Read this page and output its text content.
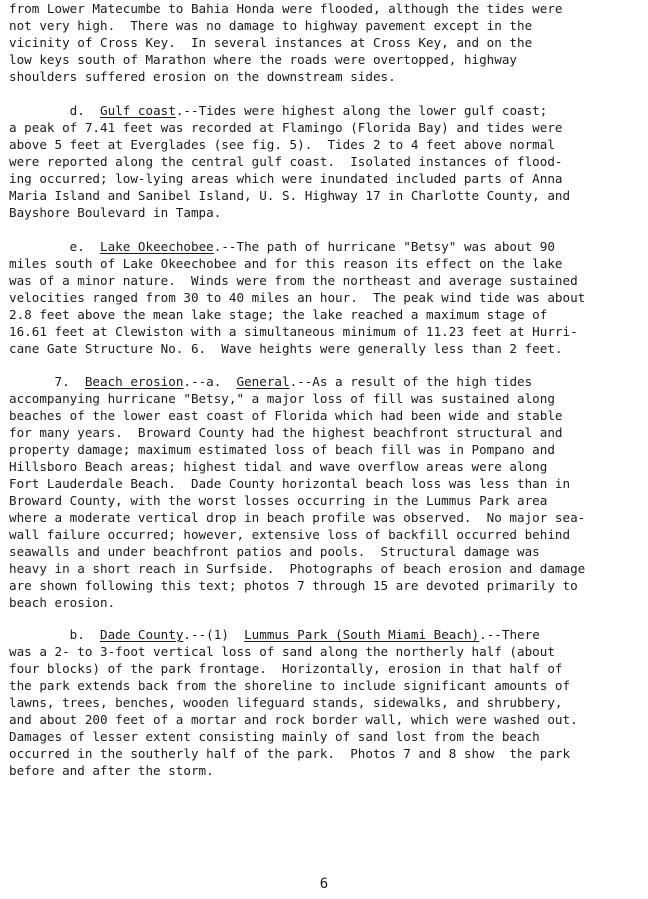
from Lower Matecumbe to Bahia Honda were flooded, although the tides were
not very high.  There was no damage to highway pavement except in the
vicinity of Cross Key.  In several instances at Cross Key, and on the
low keys south of Marathon where the roads were overtopped, highway
shoulders suffered erosion on the downstream sides.
d.  Gulf coast.--Tides were highest along the lower gulf coast;
a peak of 7.41 feet was recorded at Flamingo (Florida Bay) and tides were
above 5 feet at Everglades (see fig. 5).  Tides 2 to 4 feet above normal
were reported along the central gulf coast.  Isolated instances of flood-
ing occurred; low-lying areas which were inundated included parts of Anna
Maria Island and Sanibel Island, U. S. Highway 17 in Charlotte County, and
Bayshore Boulevard in Tampa.
e.  Lake Okeechobee.--The path of hurricane "Betsy" was about 90
miles south of Lake Okeechobee and for this reason its effect on the lake
was of a minor nature.  Winds were from the northeast and average sustained
velocities ranged from 30 to 40 miles an hour.  The peak wind tide was about
2.8 feet above the mean lake stage; the lake reached a maximum stage of
16.61 feet at Clewiston with a simultaneous minimum of 11.23 feet at Hurri-
cane Gate Structure No. 6.  Wave heights were generally less than 2 feet.
7.  Beach erosion.--a.  General.--As a result of the high tides
accompanying hurricane "Betsy," a major loss of fill was sustained along
beaches of the lower east coast of Florida which had been wide and stable
for many years.  Broward County had the highest beachfront structural and
property damage; maximum estimated loss of beach fill was in Pompano and
Hillsboro Beach areas; highest tidal and wave overflow areas were along
Fort Lauderdale Beach.  Dade County horizontal beach loss was less than in
Broward County, with the worst losses occurring in the Lummus Park area
where a moderate vertical drop in beach profile was observed.  No major sea-
wall failure occurred; however, extensive loss of backfill occurred behind
seawalls and under beachfront patios and pools.  Structural damage was
heavy in a short reach in Surfside.  Photographs of beach erosion and damage
are shown following this text; photos 7 through 15 are devoted primarily to
beach erosion.
b.  Dade County.--(1)  Lummus Park (South Miami Beach).--There
was a 2- to 3-foot vertical loss of sand along the northerly half (about
four blocks) of the park frontage.  Horizontally, erosion in that half of
the park extends back from the shoreline to include significant amounts of
lawns, trees, benches, wooden lifeguard stands, sidewalks, and shrubbery,
and about 200 feet of a mortar and rock border wall, which were washed out.
Damages of lesser extent consisting mainly of sand lost from the beach
occurred in the southerly half of the park.  Photos 7 and 8 show  the park
before and after the storm.
6
